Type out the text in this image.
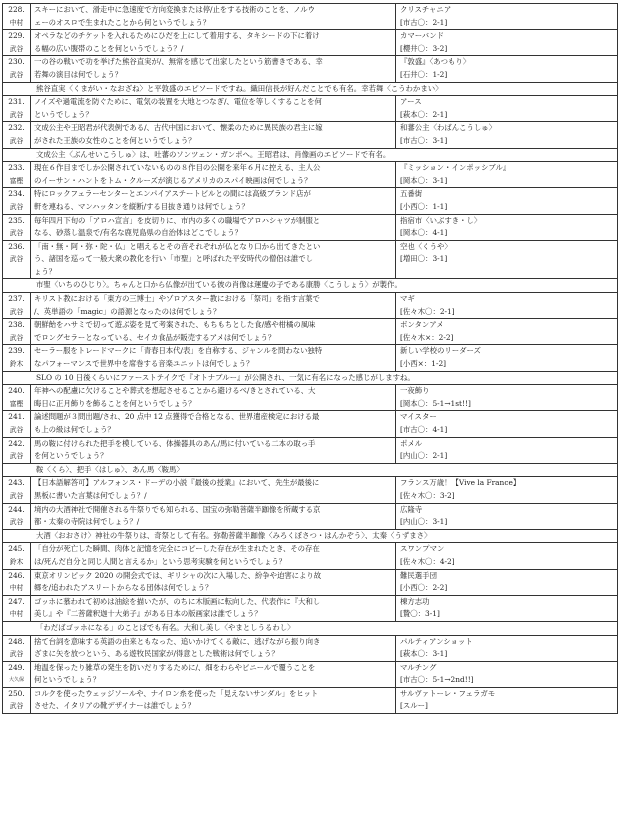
228.
中村
スキーにおいて、滑走中に急速度で方向変換または停/止をする技術のことを、ノルウ
ェーのオスロで生まれたことから何というでしょう？
クリスチャニア
[市古〇：2-1]
229.
武谷
オペラなどのチケットを入れるためにひだを上にして着用する、タキシードの下に着け
る幅の広い腹帯のことを何というでしょう？/
カマーバンド
[櫻井〇：3-2]
230.
武谷
一の谷の戦いで功を挙げた熊谷直実が/、無常を感じて出家したという筋書きである、幸
若舞の演目は何でしょう？
『敦盛』〈あつもり〉
[石井〇：1-2]
熊谷直実〈くまがい・なおざね〉と平敦盛のエピソードですね。織田信長が好んだことでも有名。幸若舞〈こうわかまい〉
231.
武谷
ノイズや過電流を防ぐために、電気の装置を大地とつなぎ/、電位を等しくすることを何
というでしょう？
アース
[萩本〇：2-1]
232.
武谷
文成公主や王昭君が代表例である/、古代中国において、懐柔のために異民族の君主に嫁
がされた王族の女性のことを何というでしょう？
和蕃公主〈わばんこうしゅ〉
[市古〇：3-1]
文成公主〈ぶんせいこうしゅ〉は、吐蕃のソンツェン・ガンポへ。王昭君は、肖像画のエピソードで有名。
233.
富樫
現在６作目までしか公開されていないものの８作目の公開を来年６月に控える、主人公
のイーサン・ハントをトム・クルーズが演じるアメリカのスパイ映画は何でしょう？
『ミッション・インポッシブル』
[岡本〇：3-1]
234.
武谷
特にロックフェラーセンターとエンパイアステートビルとの間には高級ブランド店が
軒を連ねる、マンハッタンを縦断/する目抜き通りは何でしょう？
五番街
[小西〇：1-1]
235.
武谷
毎年四月下旬の「アロハ宣言」を皮切りに、市内の多くの職場でアロハシャツが制服と
なる、砂蒸し温泉で/有名な鹿児島県の自治体はどこでしょう？
指宿市〈いぶすき・し〉
[岡本〇：4-1]
236.
武谷
「南・無・阿・弥・陀・仏」と唱えるとその音それぞれが仏となり口から出てきたとい
う、諸国を巡って一般大衆の教化を行い「市聖」と呼ばれた平安時代の僧侶は誰でし
ょう？
空也〈くうや〉
[増田〇：3-1]
市聖〈いちのひじり〉。ちゃんと口から仏像が出ている彼の肖像は運慶の子である康勝〈こうしょう〉が製作。
237.
武谷
キリスト教における「東方の三博士」やゾロアスター教における「祭司」を指す言葉で
/、英単語の「magic」の語源となったのは何でしょう？
マギ
[佐々木〇：2-1]
238.
武谷
朝鮮飴をハサミで切って遊ぶ姿を見て考案された、もちもちとした食/感や柑橘の風味
でロングセラーとなっている、セイカ食品が販売するアメは何でしょう？
ボンタンアメ
[佐々木×：2-2]
239.
鈴木
セーラー服をトレードマークに「青春日本代/表」を自称する、ジャンルを問わない独特
なパフォーマンスで世界中を席巻する音楽ユニットは何でしょう？
新しい学校のリーダーズ
[小西×：1-2]
SLO の 10 日後くらいにファーストテイクで『オトナブルー』が公開され、一気に有名になった感じがしますね。
240.
富樫
年神への配慮に欠けることや葬式を想起させることから避けるべ/きとされている、大
晦日に正月飾りを飾ることを何というでしょう？
一夜飾り
[岡本〇：5-1→1st!!]
241.
武谷
論述問題が３問出題/され、20 点中 12 点獲得で合格となる、世界遺産検定における最
も上の級は何でしょう？
マイスター
[市古〇：4-1]
242.
武谷
馬の鞍に付けられた把手を模している、体操器具のあん/馬に付いている二本の取っ手
を何というでしょう？
ポメル
[内山〇：2-1]
鞍〈くら〉、把手〈はしゅ〉、あん馬〈鞍馬〉
243.
武谷
【日本語解答可】アルフォンス・ドーデの小説『最後の授業』において、先生が最後に
黒板に書いた言葉は何でしょう？/
フランス万歳！【Vive la France】
[佐々木〇：3-2]
244.
武谷
境内の大酒神社で開催される牛祭りでも知られる、国宝の弥勒菩薩半跏像を所蔵する京
都・太秦の寺院は何でしょう？/
広隆寺
[内山〇：3-1]
大酒〈おおさけ〉神社の牛祭りは、奇祭として有名。弥勒菩薩半跏像〈みろくぼさつ・はんかぞう〉、太秦〈うずまさ〉
245.
鈴木
「自分が死亡した瞬間、肉体と記憶を完全にコピーした存在が生まれたとき、その存在
は/死んだ自分と同じ人間と言えるか」という思考実験を何というでしょう？
スワンプマン
[佐々木〇：4-2]
246.
中村
東京オリンピック 2020 の開会式では、ギリシャの次に入場した、紛争や迫害により故
郷を/追われたアスリートからなる団体は何でしょう？
難民選手団
[小西〇：2-2]
247.
中村
ゴッホに慕われて初めは油絵を描いたが、のちに木版画に転向した、代表作に『大和し
美し』や『二菩薩釈迦十大弟子』がある日本の版画家は誰でしょう？
棟方志功
[贄〇：3-1]
「わだばゴッホになる」のことばでも有名。大和し美し〈やまとしうるわし〉
248.
武谷
捨て台詞を意味する英語の由来ともなった、追いかけてくる敵に、逃げながら振り向き
ざまに矢を放つという、ある遊牧民国家が/得意とした戦術は何でしょう？
パルティアンショット
[萩本〇：3-1]
249.
大久保
地温を保ったり雑草の発生を防いだりするために/、畑をわらやビニールで覆うことを
何というでしょう？
マルチング
[市古〇：5-1→2nd!!]
250.
武谷
コルクを使ったウェッジソールや、ナイロン糸を使った「見えないサンダル」をヒット
させた、イタリアの靴デザイナーは誰でしょう？
サルヴァトーレ・フェラガモ
[スルー]
